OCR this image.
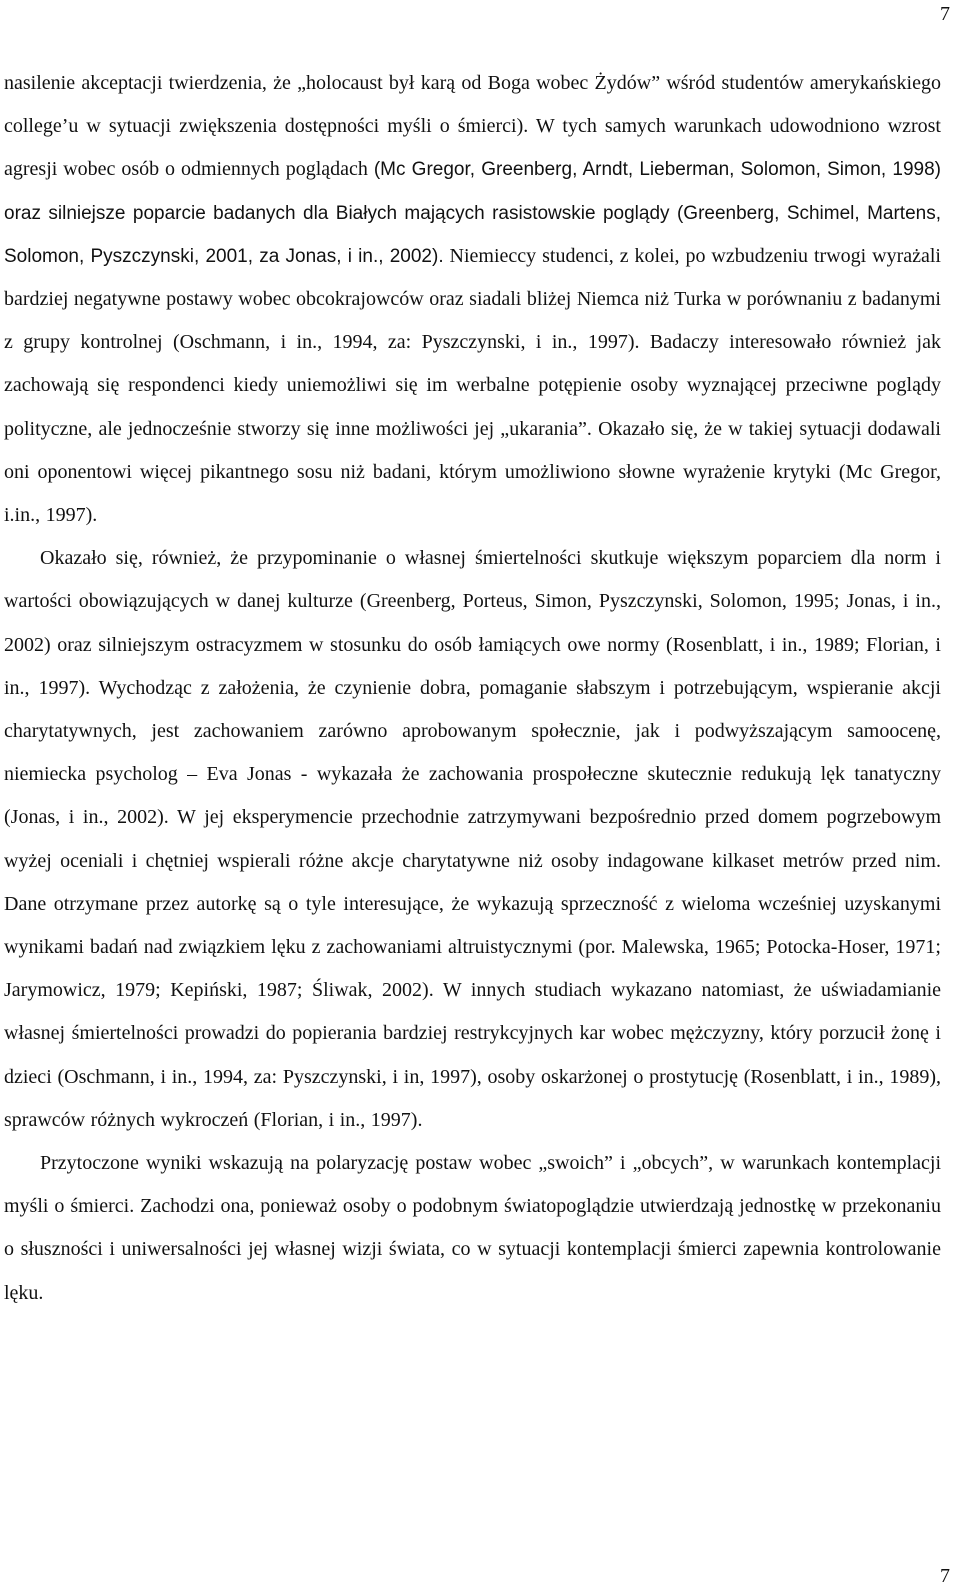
7

nasilenie akceptacji twierdzenia, że „holocaust był karą od Boga wobec Żydów” wśród studentów amerykańskiego college’u w sytuacji zwiększenia dostępności myśli o śmierci). W tych samych warunkach udowodniono wzrost agresji wobec osób o odmiennych poglądach (Mc Gregor, Greenberg, Arndt, Lieberman, Solomon, Simon, 1998) oraz silniejsze poparcie badanych dla Białych mających rasistowskie poglądy (Greenberg, Schimel, Martens, Solomon, Pyszczynski, 2001, za Jonas, i in., 2002). Niemieccy studenci, z kolei, po wzbudzeniu trwogi wyrażali bardziej negatywne postawy wobec obcokrajowców oraz siadali bliżej Niemca niż Turka w porównaniu z badanymi z grupy kontrolnej (Oschmann, i in., 1994, za: Pyszczynski, i in., 1997). Badaczy interesowało również jak zachowają się respondenci kiedy uniemożliwi się im werbalne potępienie osoby wyznającej przeciwne poglądy polityczne, ale jednocześnie stworzy się inne możliwości jej „ukarania”. Okazało się, że w takiej sytuacji dodawali oni oponentowi więcej pikantnego sosu niż badani, którym umożliwiono słowne wyrażenie krytyki (Mc Gregor, i.in., 1997).

Okazało się, również, że przypominanie o własnej śmiertelności skutkuje większym poparciem dla norm i wartości obowiązujących w danej kulturze (Greenberg, Porteus, Simon, Pyszczynski, Solomon, 1995; Jonas, i in., 2002) oraz silniejszym ostracyzmem w stosunku do osób łamiących owe normy (Rosenblatt, i in., 1989; Florian, i in., 1997). Wychodząc z założenia, że czynienie dobra, pomaganie słabszym i potrzebującym, wspieranie akcji charytatywnych, jest zachowaniem zarówno aprobowanym społecznie, jak i podwyższającym samoocenę, niemiecka psycholog – Eva Jonas - wykazała że zachowania prospołeczne skutecznie redukują lęk tanatyczny (Jonas, i in., 2002). W jej eksperymencie przechodnie zatrzymywani bezpośrednio przed domem pogrzebowym wyżej oceniali i chętniej wspierali różne akcje charytatywne niż osoby indagowane kilkaset metrów przed nim. Dane otrzymane przez autorkę są o tyle interesujące, że wykazują sprzeczność z wieloma wcześniej uzyskanymi wynikami badań nad związkiem lęku z zachowaniami altruistycznymi (por. Malewska, 1965; Potocka-Hoser, 1971; Jarymowicz, 1979; Kepiński, 1987; Śliwak, 2002). W innych studiach wykazano natomiast, że uświadamianie własnej śmiertelności prowadzi do popierania bardziej restrykcyjnych kar wobec mężczyzny, który porzucił żonę i dzieci (Oschmann, i in., 1994, za: Pyszczynski, i in, 1997), osoby oskarżonej o prostytucję (Rosenblatt, i in., 1989), sprawców różnych wykroczeń (Florian, i in., 1997).

Przytoczone wyniki wskazują na polaryzację postaw wobec „swoich” i „obcych”, w warunkach kontemplacji myśli o śmierci. Zachodzi ona, ponieważ osoby o podobnym światopoglądzie utwierdzają jednostkę w przekonaniu o słuszności i uniwersalności jej własnej wizji świata, co w sytuacji kontemplacji śmierci zapewnia kontrolowanie lęku.

7
